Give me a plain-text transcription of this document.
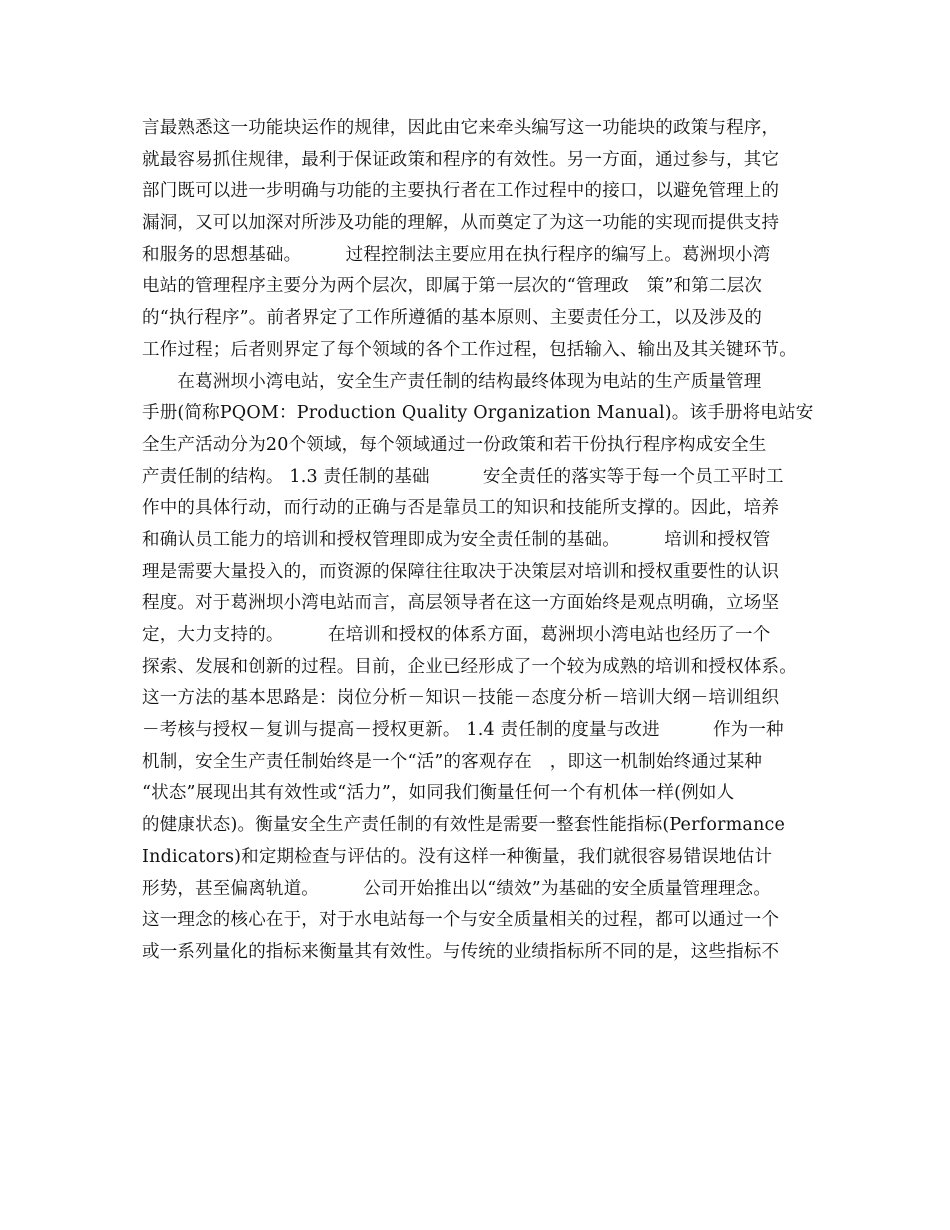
言最熟悉这一功能块运作的规律，因此由它来牵头编写这一功能块的政策与程序，
就最容易抓住规律，最利于保证政策和程序的有效性。另一方面，通过参与，其它
部门既可以进一步明确与功能的主要执行者在工作过程中的接口，以避免管理上的
漏洞，又可以加深对所涉及功能的理解，从而奠定了为这一功能的实现而提供支持
和服务的思想基础。　　　过程控制法主要应用在执行程序的编写上。葛洲坝小湾
电站的管理程序主要分为两个层次，即属于第一层次的“管理政　策”和第二层次
的“执行程序”。前者界定了工作所遵循的基本原则、主要责任分工，以及涉及的
工作过程；后者则界定了每个领域的各个工作过程，包括输入、输出及其关键环节。
　　在葛洲坝小湾电站，安全生产责任制的结构最终体现为电站的生产质量管理
手册(简称PQOM：Production Quality Organization Manual)。该手册将电站安
全生产活动分为20个领域，每个领域通过一份政策和若干份执行程序构成安全生
产责任制的结构。 1.3 责任制的基础　　　安全责任的落实等于每一个员工平时工
作中的具体行动，而行动的正确与否是靠员工的知识和技能所支撑的。因此，培养
和确认员工能力的培训和授权管理即成为安全责任制的基础。　　　培训和授权管
理是需要大量投入的，而资源的保障往往取决于决策层对培训和授权重要性的认识
程度。对于葛洲坝小湾电站而言，高层领导者在这一方面始终是观点明确，立场坚
定，大力支持的。　　　在培训和授权的体系方面，葛洲坝小湾电站也经历了一个
探索、发展和创新的过程。目前，企业已经形成了一个较为成熟的培训和授权体系。
这一方法的基本思路是：岗位分析－知识－技能－态度分析－培训大纲－培训组织
－考核与授权－复训与提高－授权更新。 1.4 责任制的度量与改进　　　作为一种
机制，安全生产责任制始终是一个“活”的客观存在　，即这一机制始终通过某种
“状态”展现出其有效性或“活力”，如同我们衡量任何一个有机体一样(例如人
的健康状态)。衡量安全生产责任制的有效性是需要一整套性能指标(Performance
Indicators)和定期检查与评估的。没有这样一种衡量，我们就很容易错误地估计
形势，甚至偏离轨道。　　　公司开始推出以“绩效”为基础的安全质量管理理念。
这一理念的核心在于，对于水电站每一个与安全质量相关的过程，都可以通过一个
或一系列量化的指标来衡量其有效性。与传统的业绩指标所不同的是，这些指标不
